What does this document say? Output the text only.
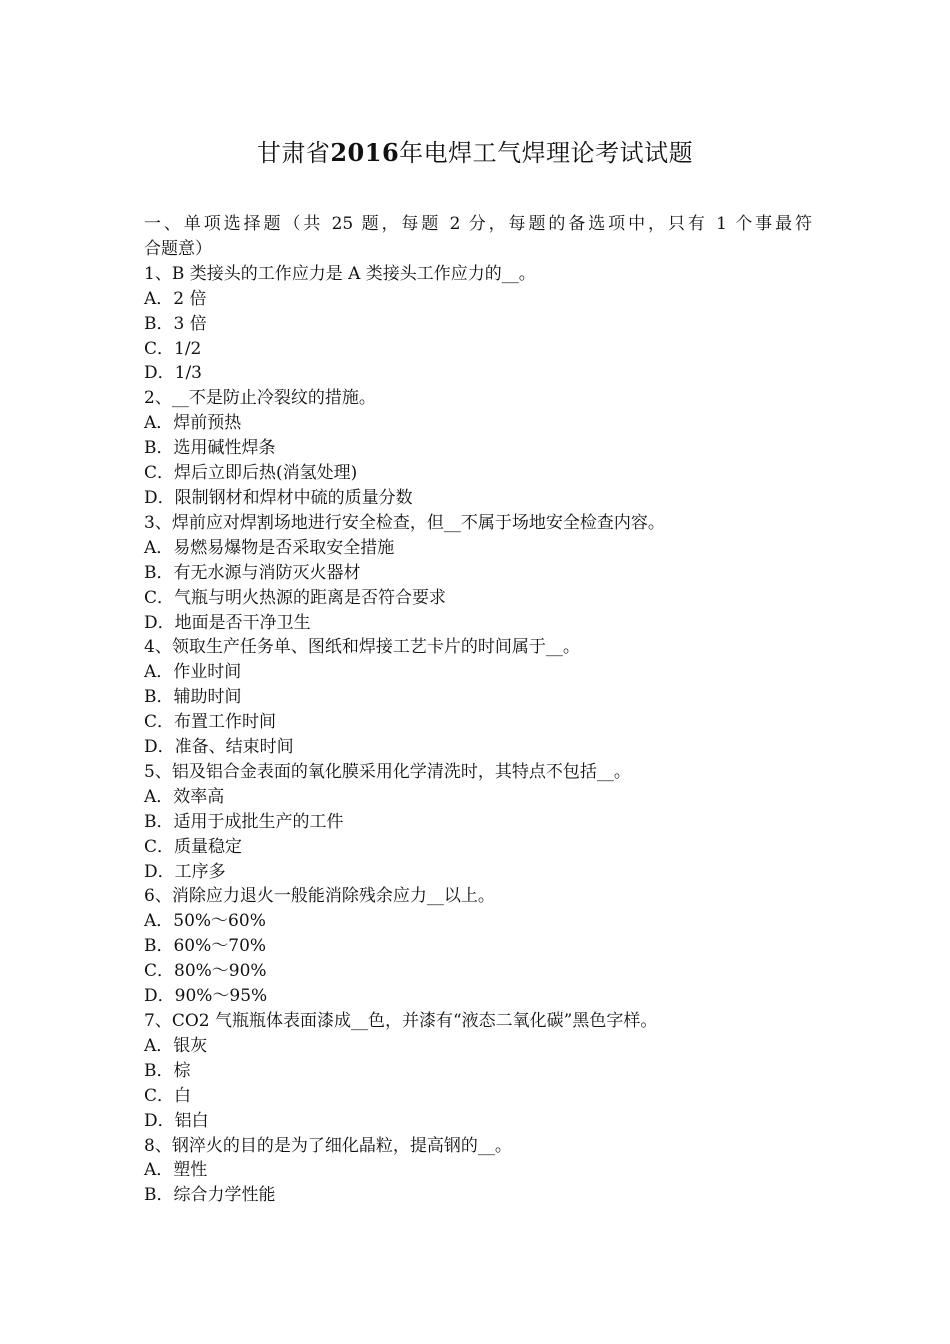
甘肃省2016年电焊工气焊理论考试试题
一、单项选择题（共 25 题，每题 2 分，每题的备选项中，只有 1 个事最符
合题意）
1、B 类接头的工作应力是 A 类接头工作应力的__。
A．2 倍
B．3 倍
C．1/2
D．1/3
2、__不是防止冷裂纹的措施。
A．焊前预热
B．选用碱性焊条
C．焊后立即后热(消氢处理)
D．限制钢材和焊材中硫的质量分数
3、焊前应对焊割场地进行安全检查，但__不属于场地安全检查内容。
A．易燃易爆物是否采取安全措施
B．有无水源与消防灭火器材
C．气瓶与明火热源的距离是否符合要求
D．地面是否干净卫生
4、领取生产任务单、图纸和焊接工艺卡片的时间属于__。
A．作业时间
B．辅助时间
C．布置工作时间
D．准备、结束时间
5、铝及铝合金表面的氧化膜采用化学清洗时，其特点不包括__。
A．效率高
B．适用于成批生产的工件
C．质量稳定
D．工序多
6、消除应力退火一般能消除残余应力__以上。
A．50%～60%
B．60%～70%
C．80%～90%
D．90%～95%
7、CO2 气瓶瓶体表面漆成__色，并漆有“液态二氧化碳”黑色字样。
A．银灰
B．棕
C．白
D．铝白
8、钢淬火的目的是为了细化晶粒，提高钢的__。
A．塑性
B．综合力学性能
